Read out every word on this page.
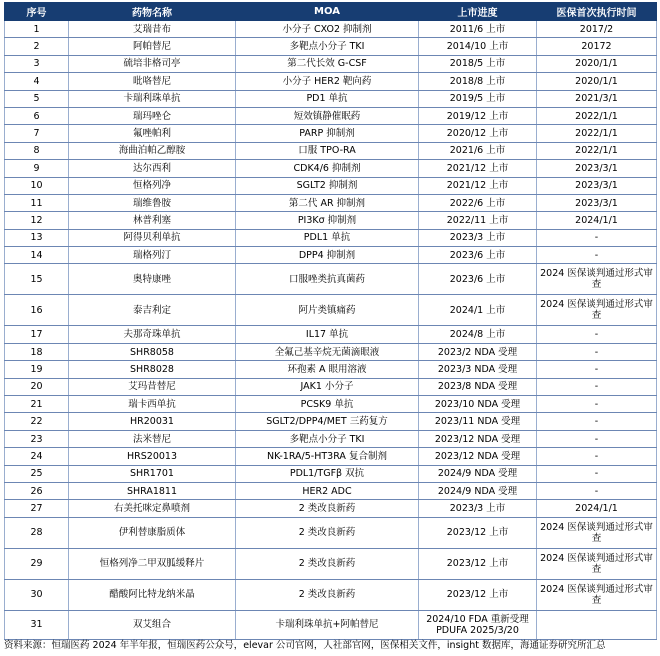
序号	药物名称	MOA	上市进度	医保首次执行时间
1	艾瑞昔布	小分子 CXO2 抑制剂	2011/6 上市	2017/2
2	阿帕替尼	多靶点小分子 TKI	2014/10 上市	20172
3	硫培非格司亭	第二代长效 G-CSF	2018/5 上市	2020/1/1
4	吡咯替尼	小分子 HER2 靶向药	2018/8 上市	2020/1/1
5	卡瑞利珠单抗	PD1 单抗	2019/5 上市	2021/3/1
6	瑞玛唑仑	短效镇静催眠药	2019/12 上市	2022/1/1
7	氟唑帕利	PARP 抑制剂	2020/12 上市	2022/1/1
8	海曲泊帕乙醇胺	口服 TPO-RA	2021/6 上市	2022/1/1
9	达尔西利	CDK4/6 抑制剂	2021/12 上市	2023/3/1
10	恒格列净	SGLT2 抑制剂	2021/12 上市	2023/3/1
11	瑞维鲁胺	第二代 AR 抑制剂	2022/6 上市	2023/3/1
12	林普利塞	PI3Kσ 抑制剂	2022/11 上市	2024/1/1
13	阿得贝利单抗	PDL1 单抗	2023/3 上市	-
14	瑞格列汀	DPP4 抑制剂	2023/6 上市	-
15	奥特康唑	口服唑类抗真菌药	2023/6 上市	2024 医保谈判通过形式审查
16	泰吉利定	阿片类镇痛药	2024/1 上市	2024 医保谈判通过形式审查
17	夫那奇珠单抗	IL17 单抗	2024/8 上市	-
18	SHR8058	全氟己基辛烷无菌滴眼液	2023/2 NDA 受理	-
19	SHR8028	环孢素 A 眼用溶液	2023/3 NDA 受理	-
20	艾玛昔替尼	JAK1 小分子	2023/8 NDA 受理	-
21	瑞卡西单抗	PCSK9 单抗	2023/10 NDA 受理	-
22	HR20031	SGLT2/DPP4/MET 三药复方	2023/11 NDA 受理	-
23	法米替尼	多靶点小分子 TKI	2023/12 NDA 受理	-
24	HRS20013	NK-1RA/5-HT3RA 复合制剂	2023/12 NDA 受理	-
25	SHR1701	PDL1/TGFβ 双抗	2024/9 NDA 受理	-
26	SHRA1811	HER2 ADC	2024/9 NDA 受理	-
27	右美托咪定鼻喷剂	2 类改良新药	2023/3 上市	2024/1/1
28	伊利替康脂质体	2 类改良新药	2023/12 上市	2024 医保谈判通过形式审查
29	恒格列净二甲双胍缓释片	2 类改良新药	2023/12 上市	2024 医保谈判通过形式审查
30	醋酸阿比特龙纳米晶	2 类改良新药	2023/12 上市	2024 医保谈判通过形式审查
31	双艾组合	卡瑞利珠单抗+阿帕替尼	2024/10 FDA 重新受理 PDUFA 2025/3/20	
资料来源：恒瑞医药 2024 年半年报，恒瑞医药公众号，elevar 公司官网，人社部官网，医保相关文件，insight 数据库，海通证券研究所汇总
